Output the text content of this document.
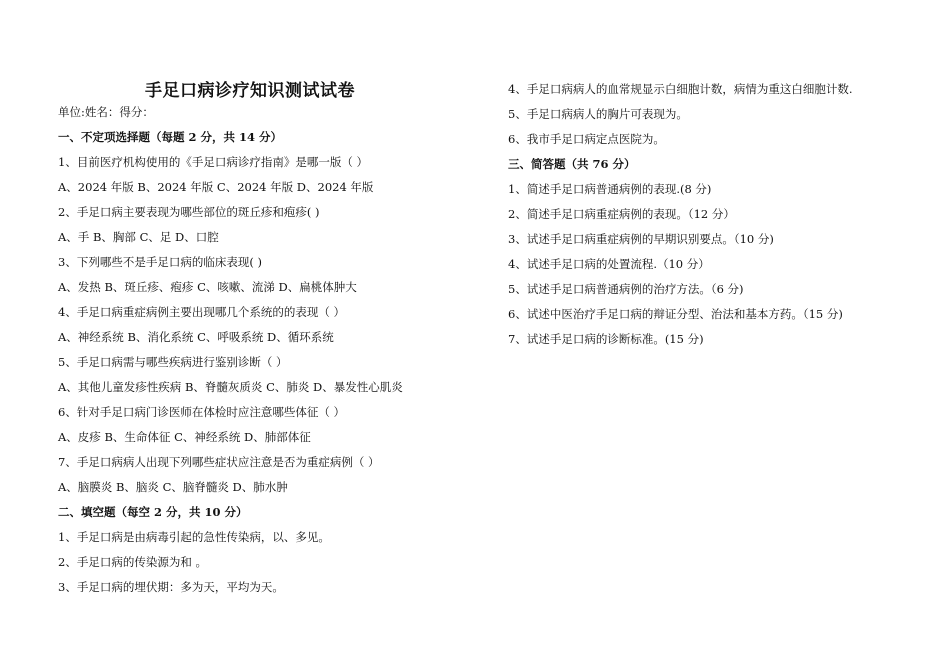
手足口病诊疗知识测试试卷
单位:姓名：得分：
一、不定项选择题（每题 2 分，共 14 分）
1、目前医疗机构使用的《手足口病诊疗指南》是哪一版（ ）
A、2024 年版 B、2024 年版 C、2024 年版 D、2024 年版
2、手足口病主要表现为哪些部位的斑丘疹和疱疹( )
A、手 B、胸部 C、足 D、口腔
3、下列哪些不是手足口病的临床表现( )
A、发热 B、斑丘疹、疱疹 C、咳嗽、流涕 D、扁桃体肿大
4、手足口病重症病例主要出现哪几个系统的的表现（ ）
A、神经系统 B、消化系统 C、呼吸系统 D、循环系统
5、手足口病需与哪些疾病进行鉴别诊断（ ）
A、其他儿童发疹性疾病 B、脊髓灰质炎 C、肺炎 D、暴发性心肌炎
6、针对手足口病门诊医师在体检时应注意哪些体征（ ）
A、皮疹 B、生命体征 C、神经系统 D、肺部体征
7、手足口病病人出现下列哪些症状应注意是否为重症病例（ ）
A、脑膜炎 B、脑炎 C、脑脊髓炎 D、肺水肿
二、填空题（每空 2 分，共 10 分）
1、手足口病是由病毒引起的急性传染病，以、多见。
2、手足口病的传染源为和 。
3、手足口病的埋伏期：多为天，平均为天。
4、手足口病病人的血常规显示白细胞计数，病情为重这白细胞计数.
5、手足口病病人的胸片可表现为。
6、我市手足口病定点医院为。
三、简答题（共 76 分）
1、简述手足口病普通病例的表现.(8 分)
2、简述手足口病重症病例的表现。（12 分）
3、试述手足口病重症病例的早期识别要点。（10 分)
4、试述手足口病的处置流程.（10 分）
5、试述手足口病普通病例的治疗方法。（6 分)
6、试述中医治疗手足口病的辩证分型、治法和基本方药。（15 分)
7、试述手足口病的诊断标准。(15 分)
